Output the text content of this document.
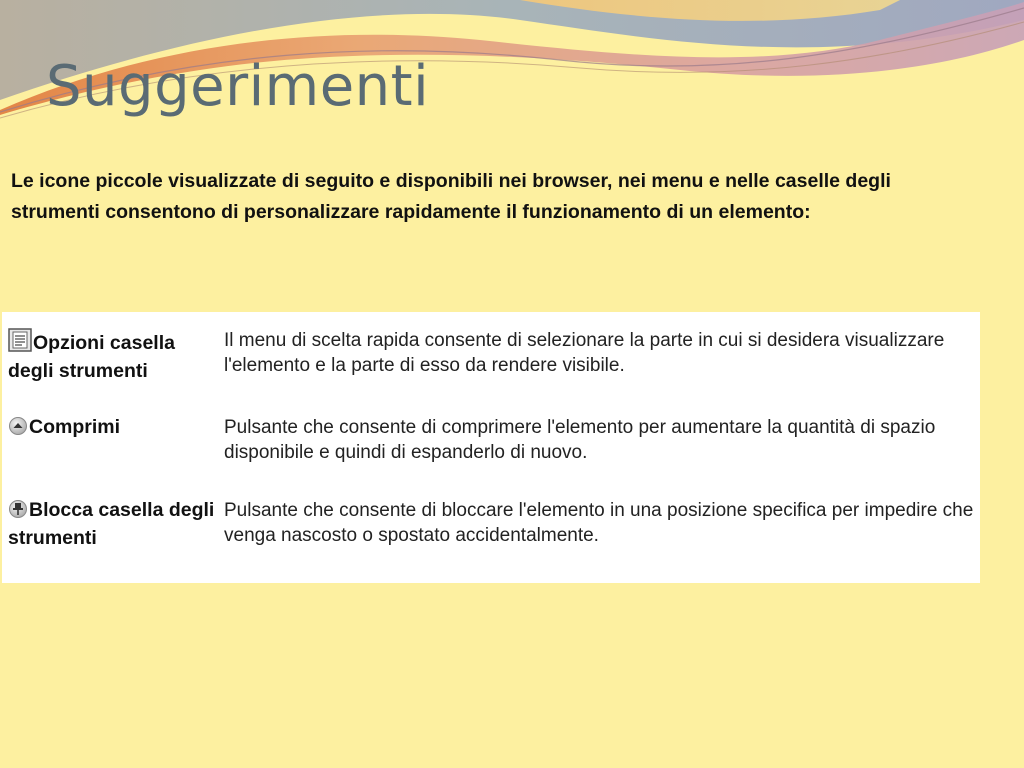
Suggerimenti

Le icone piccole visualizzate di seguito e disponibili nei browser, nei menu e nelle caselle degli strumenti consentono di personalizzare rapidamente il funzionamento di un elemento:

Opzioni casella degli strumenti
Il menu di scelta rapida consente di selezionare la parte in cui si desidera visualizzare l'elemento e la parte di esso da rendere visibile.
Comprimi	Pulsante che consente di comprimere l'elemento per aumentare la quantità di spazio disponibile e quindi di espanderlo di nuovo.
Blocca casella degli strumenti
Pulsante che consente di bloccare l'elemento in una posizione specifica per impedire che venga nascosto o spostato accidentalmente.
